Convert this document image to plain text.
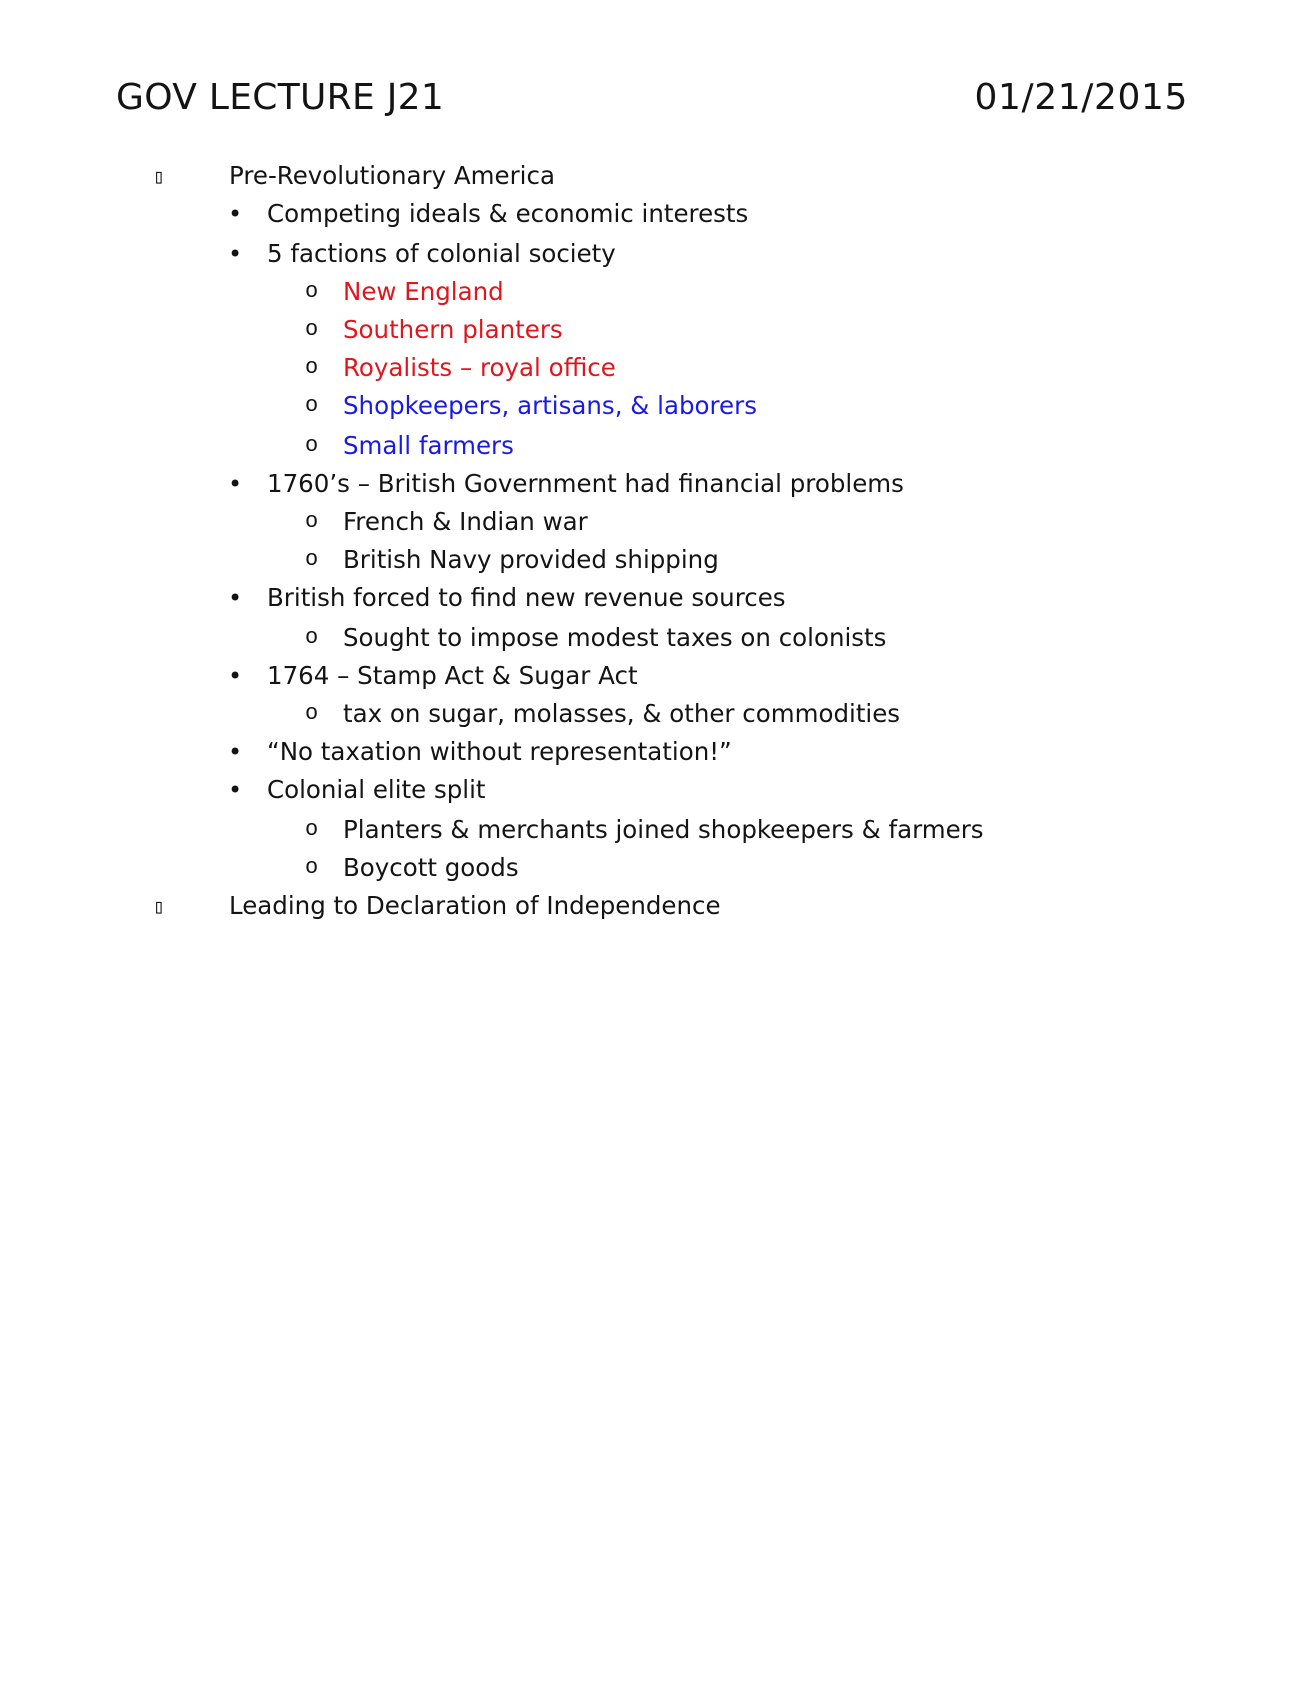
GOV LECTURE J21	01/21/2015
▯	Pre-Revolutionary America
• Competing ideals & economic interests
• 5 factions of colonial society
o New England
o Southern planters
o Royalists – royal office
o Shopkeepers, artisans, & laborers
o Small farmers
• 1760’s – British Government had financial problems
o French & Indian war
o British Navy provided shipping
• British forced to find new revenue sources
o Sought to impose modest taxes on colonists
• 1764 – Stamp Act & Sugar Act
o tax on sugar, molasses, & other commodities
• “No taxation without representation!”
• Colonial elite split
o Planters & merchants joined shopkeepers & farmers
o Boycott goods
▯	Leading to Declaration of Independence
